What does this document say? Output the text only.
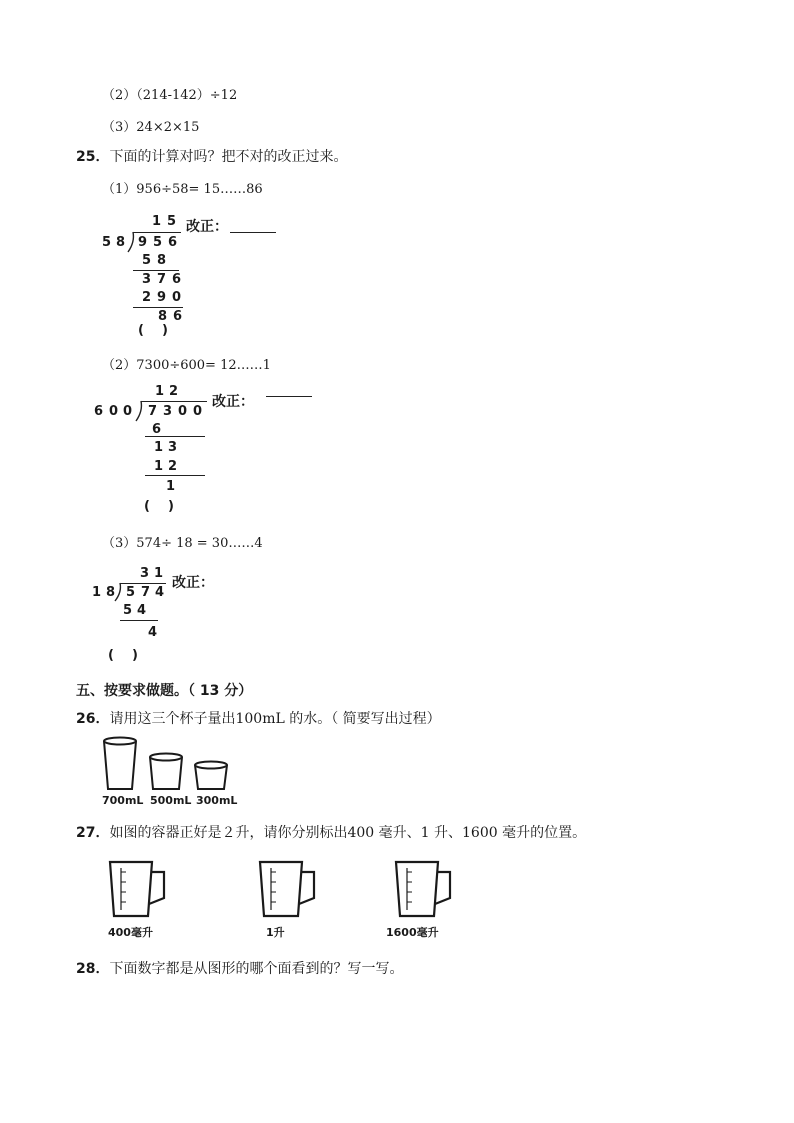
（2）（214-142）÷12
（3）24×2×15
25．下面的计算对吗？把不对的改正过来。
（1）956÷58= 15……86
1 5
5 8 9 5 6
5 8
3 7 6
2 9 0
8 6
改正：
(    )
（2）7300÷600= 12……1
1 2
6 0 0 7 3 0 0
6
1 3
1 2
1
改正：
(    )
（3）574÷ 18 = 30……4
3 1
1 8 5 7 4
5 4
4
改正：
(    )
五、按要求做题。（ 13 分）
26．请用这三个杯子量出100mL 的水。（ 简要写出过程）
700mL 500mL 300mL
27．如图的容器正好是２升，请你分别标出400 毫升、1 升、1600 毫升的位置。
400毫升	1升	1600毫升
28．下面数字都是从图形的哪个面看到的？写一写。
